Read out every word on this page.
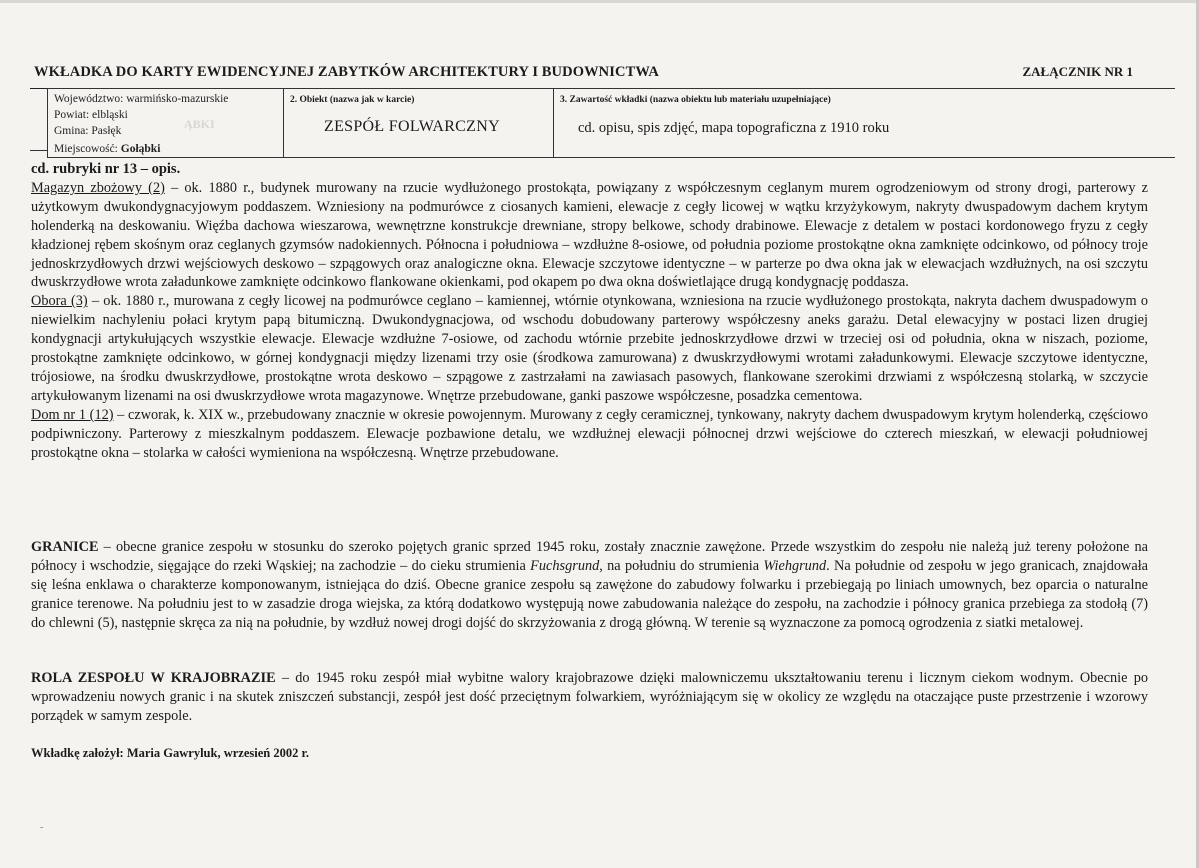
WKŁADKA DO KARTY EWIDENCYJNEJ ZABYTKÓW ARCHITEKTURY I BUDOWNICTWA	ZAŁĄCZNIK NR 1
ĄBKI
Województwo: warmińsko-mazurskie
Powiat: elbląski
Gmina: Pasłęk
Miejscowość: Gołąbki
2. Obiekt (nazwa jak w karcie)
ZESPÓŁ FOLWARCZNY
3. Zawartość wkładki (nazwa obiektu lub materiału uzupełniające)
cd. opisu, spis zdjęć, mapa topograficzna z 1910 roku

cd. rubryki nr 13 – opis.

Magazyn zbożowy (2) – ok. 1880 r., budynek murowany na rzucie wydłużonego prostokąta, powiązany z współczesnym ceglanym murem ogrodzeniowym od strony drogi, parterowy z użytkowym dwukondygnacyjowym poddaszem. Wzniesiony na podmurówce z ciosanych kamieni, elewacje z cegły licowej w wątku krzyżykowym, nakryty dwuspadowym dachem krytym holenderką na deskowaniu. Więźba dachowa wieszarowa, wewnętrzne konstrukcje drewniane, stropy belkowe, schody drabinowe. Elewacje z detalem w postaci kordonowego fryzu z cegły kładzionej rębem skośnym oraz ceglanych gzymsów nadokiennych. Północna i południowa – wzdłużne 8-osiowe, od południa poziome prostokątne okna zamknięte odcinkowo, od północy troje jednoskrzydłowych drzwi wejściowych deskowo – szpągowych oraz analogiczne okna. Elewacje szczytowe identyczne – w parterze po dwa okna jak w elewacjach wzdłużnych, na osi szczytu dwuskrzydłowe wrota załadunkowe zamknięte odcinkowo flankowane okienkami, pod okapem po dwa okna doświetlające drugą kondygnację poddasza.

Obora (3) – ok. 1880 r., murowana z cegły licowej na podmurówce ceglano – kamiennej, wtórnie otynkowana, wzniesiona na rzucie wydłużonego prostokąta, nakryta dachem dwuspadowym o niewielkim nachyleniu połaci krytym papą bitumiczną. Dwukondygnacjowa, od wschodu dobudowany parterowy współczesny aneks garażu. Detal elewacyjny w postaci lizen drugiej kondygnacji artykułujących wszystkie elewacje. Elewacje wzdłużne 7-osiowe, od zachodu wtórnie przebite jednoskrzydłowe drzwi w trzeciej osi od południa, okna w niszach, poziome, prostokątne zamknięte odcinkowo, w górnej kondygnacji między lizenami trzy osie (środkowa zamurowana) z dwuskrzydłowymi wrotami załadunkowymi. Elewacje szczytowe identyczne, trójosiowe, na środku dwuskrzydłowe, prostokątne wrota deskowo – szpągowe z zastrzałami na zawiasach pasowych, flankowane szerokimi drzwiami z współczesną stolarką, w szczycie artykułowanym lizenami na osi dwuskrzydłowe wrota magazynowe. Wnętrze przebudowane, ganki paszowe współczesne, posadzka cementowa.

Dom nr 1 (12) – czworak, k. XIX w., przebudowany znacznie w okresie powojennym. Murowany z cegły ceramicznej, tynkowany, nakryty dachem dwuspadowym krytym holenderką, częściowo podpiwniczony. Parterowy z mieszkalnym poddaszem. Elewacje pozbawione detalu, we wzdłużnej elewacji północnej drzwi wejściowe do czterech mieszkań, w elewacji południowej prostokątne okna – stolarka w całości wymieniona na współczesną. Wnętrze przebudowane.

GRANICE – obecne granice zespołu w stosunku do szeroko pojętych granic sprzed 1945 roku, zostały znacznie zawężone. Przede wszystkim do zespołu nie należą już tereny położone na północy i wschodzie, sięgające do rzeki Wąskiej; na zachodzie – do cieku strumienia Fuchsgrund, na południu do strumienia Wiehgrund. Na południe od zespołu w jego granicach, znajdowała się leśna enklawa o charakterze komponowanym, istniejąca do dziś. Obecne granice zespołu są zawężone do zabudowy folwarku i przebiegają po liniach umownych, bez oparcia o naturalne granice terenowe. Na południu jest to w zasadzie droga wiejska, za którą dodatkowo występują nowe zabudowania należące do zespołu, na zachodzie i północy granica przebiega za stodołą (7) do chlewni (5), następnie skręca za nią na południe, by wzdłuż nowej drogi dojść do skrzyżowania z drogą główną. W terenie są wyznaczone za pomocą ogrodzenia z siatki metalowej.

ROLA ZESPOŁU W KRAJOBRAZIE – do 1945 roku zespół miał wybitne walory krajobrazowe dzięki malowniczemu ukształtowaniu terenu i licznym ciekom wodnym. Obecnie po wprowadzeniu nowych granic i na skutek zniszczeń substancji, zespół jest dość przeciętnym folwarkiem, wyróżniającym się w okolicy ze względu na otaczające puste przestrzenie i wzorowy porządek w samym zespole.

Wkładkę założył: Maria Gawryluk, wrzesień 2002 r.
˜
